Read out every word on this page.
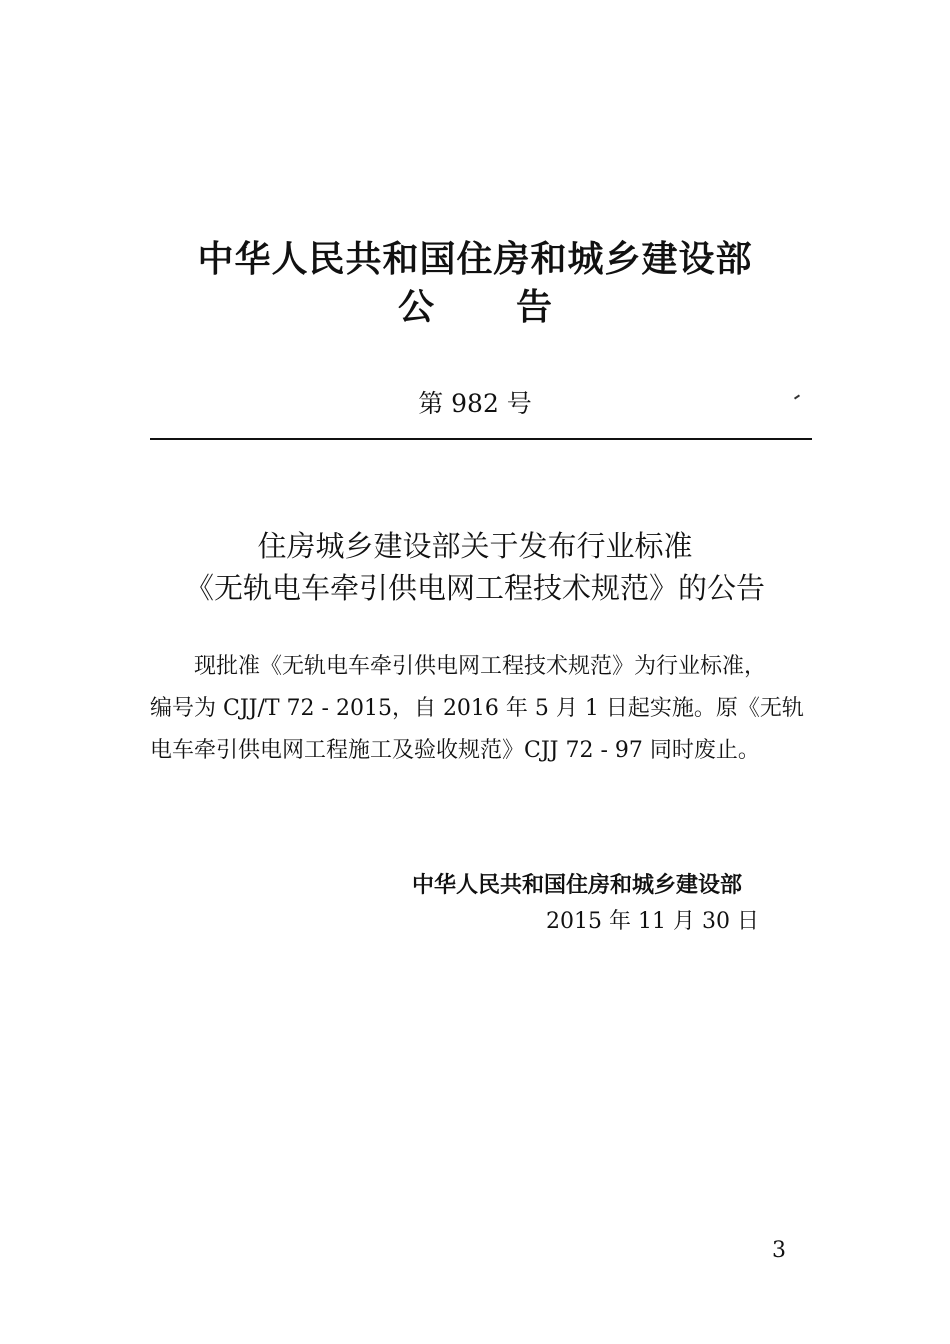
中华人民共和国住房和城乡建设部
公告
第 982 号
住房城乡建设部关于发布行业标准
《无轨电车牵引供电网工程技术规范》的公告
现批准《无轨电车牵引供电网工程技术规范》为行业标准，
编号为 CJJ/T 72 - 2015，自 2016 年 5 月 1 日起实施。原《无轨
电车牵引供电网工程施工及验收规范》CJJ 72 - 97 同时废止。
中华人民共和国住房和城乡建设部
2015 年 11 月 30 日
3
